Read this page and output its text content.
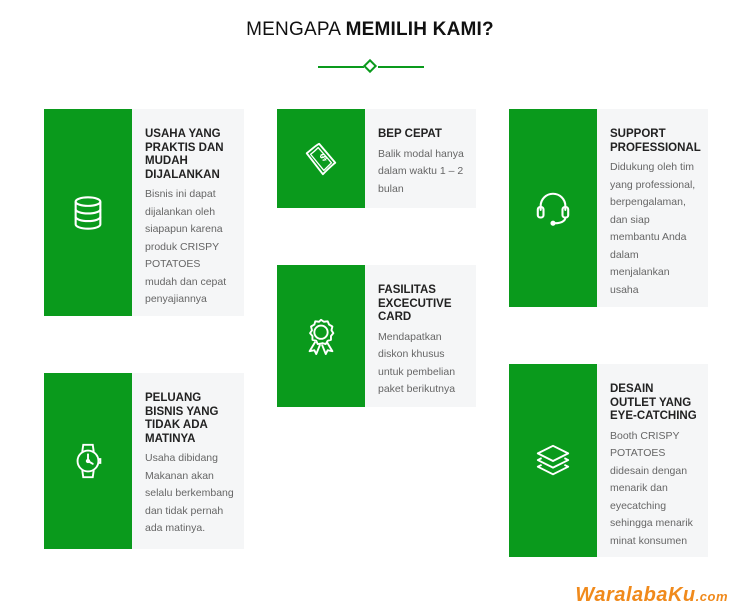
MENGAPA MEMILIH KAMI?
USAHA YANG PRAKTIS DAN MUDAH DIJALANKAN
Bisnis ini dapat dijalankan oleh siapapun karena produk CRISPY POTATOES mudah dan cepat penyajiannya
$
BEP CEPAT
Balik modal hanya dalam waktu 1 – 2 bulan
SUPPORT PROFESSIONAL
Didukung oleh tim yang professional, berpengalaman, dan siap membantu Anda dalam menjalankan usaha
FASILITAS EXCECUTIVE CARD
Mendapatkan diskon khusus untuk pembelian paket berikutnya
PELUANG BISNIS YANG TIDAK ADA MATINYA
Usaha dibidang Makanan akan selalu berkembang dan tidak pernah ada matinya.
DESAIN OUTLET YANG EYE-CATCHING
Booth CRISPY POTATOES didesain dengan menarik dan eyecatching sehingga menarik minat konsumen
WaralabaKu.com
